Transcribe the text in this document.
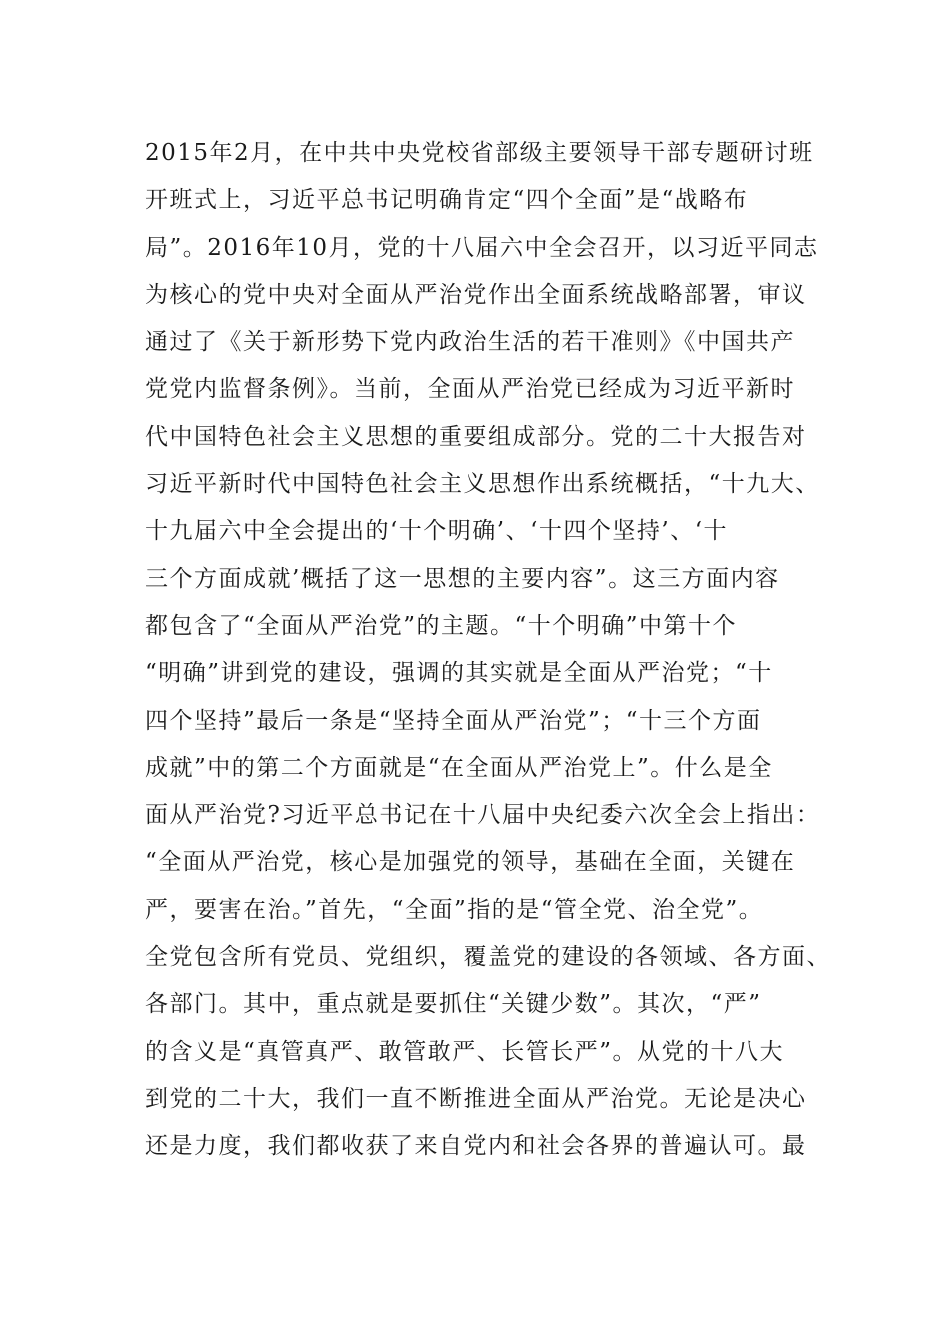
2015年2月，在中共中央党校省部级主要领导干部专题研讨班
开班式上，习近平总书记明确肯定“四个全面”是“战略布
局”。2016年10月，党的十八届六中全会召开，以习近平同志
为核心的党中央对全面从严治党作出全面系统战略部署，审议
通过了《关于新形势下党内政治生活的若干准则》《中国共产
党党内监督条例》。当前，全面从严治党已经成为习近平新时
代中国特色社会主义思想的重要组成部分。党的二十大报告对
习近平新时代中国特色社会主义思想作出系统概括，“十九大、
十九届六中全会提出的‘十个明确’、‘十四个坚持’、‘十
三个方面成就’概括了这一思想的主要内容”。这三方面内容
都包含了“全面从严治党”的主题。“十个明确”中第十个
“明确”讲到党的建设，强调的其实就是全面从严治党；“十
四个坚持”最后一条是“坚持全面从严治党”；“十三个方面
成就”中的第二个方面就是“在全面从严治党上”。什么是全
面从严治党?习近平总书记在十八届中央纪委六次全会上指出：
“全面从严治党，核心是加强党的领导，基础在全面，关键在
严，要害在治。”首先，“全面”指的是“管全党、治全党”。
全党包含所有党员、党组织，覆盖党的建设的各领域、各方面、
各部门。其中，重点就是要抓住“关键少数”。其次，“严”
的含义是“真管真严、敢管敢严、长管长严”。从党的十八大
到党的二十大，我们一直不断推进全面从严治党。无论是决心
还是力度，我们都收获了来自党内和社会各界的普遍认可。最
